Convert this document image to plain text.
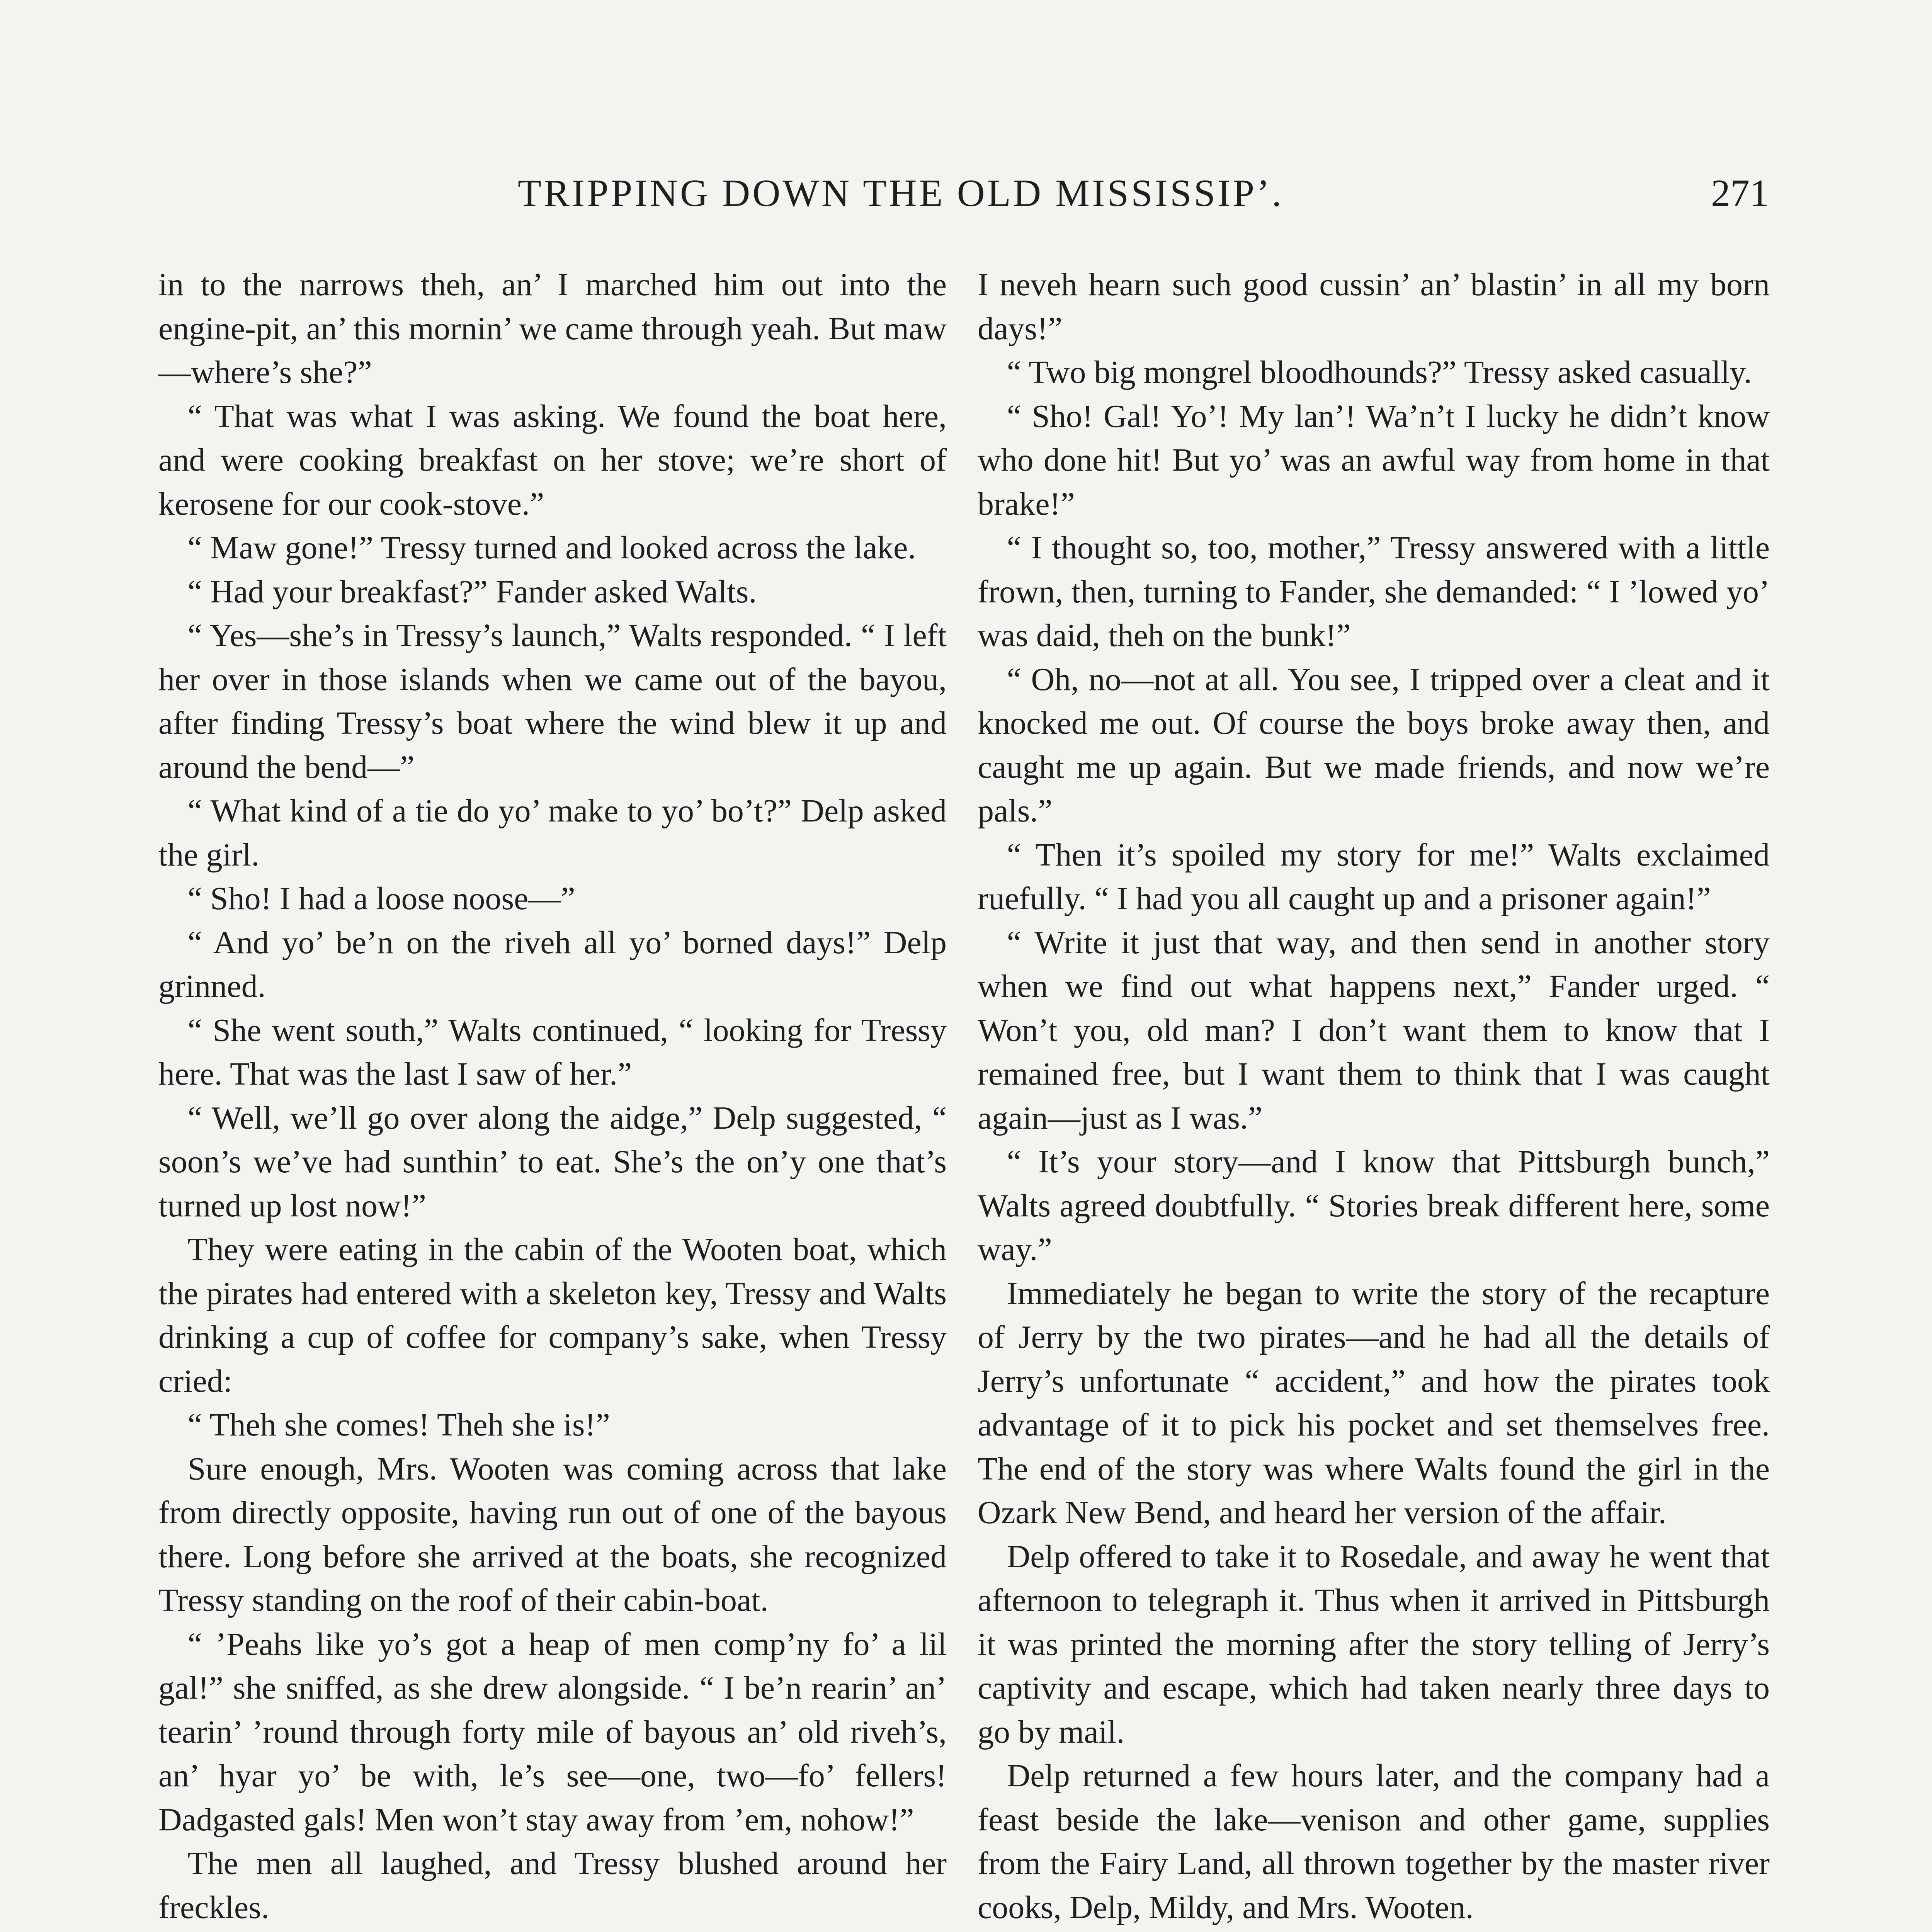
TRIPPING DOWN THE OLD MISSISSIP’.	271

in to the narrows theh, an’ I marched him out into the engine-pit, an’ this mornin’ we came through yeah. But maw—where’s she?”

“ That was what I was asking. We found the boat here, and were cooking breakfast on her stove; we’re short of kerosene for our cook-stove.”

“ Maw gone!” Tressy turned and looked across the lake.

“ Had your breakfast?” Fander asked Walts.

“ Yes—she’s in Tressy’s launch,” Walts responded. “ I left her over in those islands when we came out of the bayou, after finding Tressy’s boat where the wind blew it up and around the bend—”

“ What kind of a tie do yo’ make to yo’ bo’t?” Delp asked the girl.

“ Sho! I had a loose noose—”

“ And yo’ be’n on the riveh all yo’ borned days!” Delp grinned.

“ She went south,” Walts continued, “ looking for Tressy here. That was the last I saw of her.”

“ Well, we’ll go over along the aidge,” Delp suggested, “ soon’s we’ve had sunthin’ to eat. She’s the on’y one that’s turned up lost now!”

They were eating in the cabin of the Wooten boat, which the pirates had entered with a skeleton key, Tressy and Walts drinking a cup of coffee for company’s sake, when Tressy cried:

“ Theh she comes! Theh she is!”

Sure enough, Mrs. Wooten was coming across that lake from directly opposite, having run out of one of the bayous there. Long before she arrived at the boats, she recognized Tressy standing on the roof of their cabin-boat.

“ ’Peahs like yo’s got a heap of men comp’ny fo’ a lil gal!” she sniffed, as she drew alongside. “ I be’n rearin’ an’ tearin’ ’round through forty mile of bayous an’ old riveh’s, an’ hyar yo’ be with, le’s see—one, two—fo’ fellers! Dadgasted gals! Men won’t stay away from ’em, nohow!”

The men all laughed, and Tressy blushed around her freckles.

I neveh hearn such good cussin’ an’ blastin’ in all my born days!”

“ Two big mongrel bloodhounds?” Tressy asked casually.

“ Sho! Gal! Yo’! My lan’! Wa’n’t I lucky he didn’t know who done hit! But yo’ was an awful way from home in that brake!”

“ I thought so, too, mother,” Tressy answered with a little frown, then, turning to Fander, she demanded: “ I ’lowed yo’ was daid, theh on the bunk!”

“ Oh, no—not at all. You see, I tripped over a cleat and it knocked me out. Of course the boys broke away then, and caught me up again. But we made friends, and now we’re pals.”

“ Then it’s spoiled my story for me!” Walts exclaimed ruefully. “ I had you all caught up and a prisoner again!”

“ Write it just that way, and then send in another story when we find out what happens next,” Fander urged. “ Won’t you, old man? I don’t want them to know that I remained free, but I want them to think that I was caught again—just as I was.”

“ It’s your story—and I know that Pittsburgh bunch,” Walts agreed doubtfully. “ Stories break different here, some way.”

Immediately he began to write the story of the recapture of Jerry by the two pirates—and he had all the details of Jerry’s unfortunate “ accident,” and how the pirates took advantage of it to pick his pocket and set themselves free. The end of the story was where Walts found the girl in the Ozark New Bend, and heard her version of the affair.

Delp offered to take it to Rosedale, and away he went that afternoon to telegraph it. Thus when it arrived in Pittsburgh it was printed the morning after the story telling of Jerry’s captivity and escape, which had taken nearly three days to go by mail.

Delp returned a few hours later, and the company had a feast beside the lake—venison and other game, supplies from the Fairy Land, all thrown together by the master river cooks, Delp, Mildy, and Mrs. Wooten.
